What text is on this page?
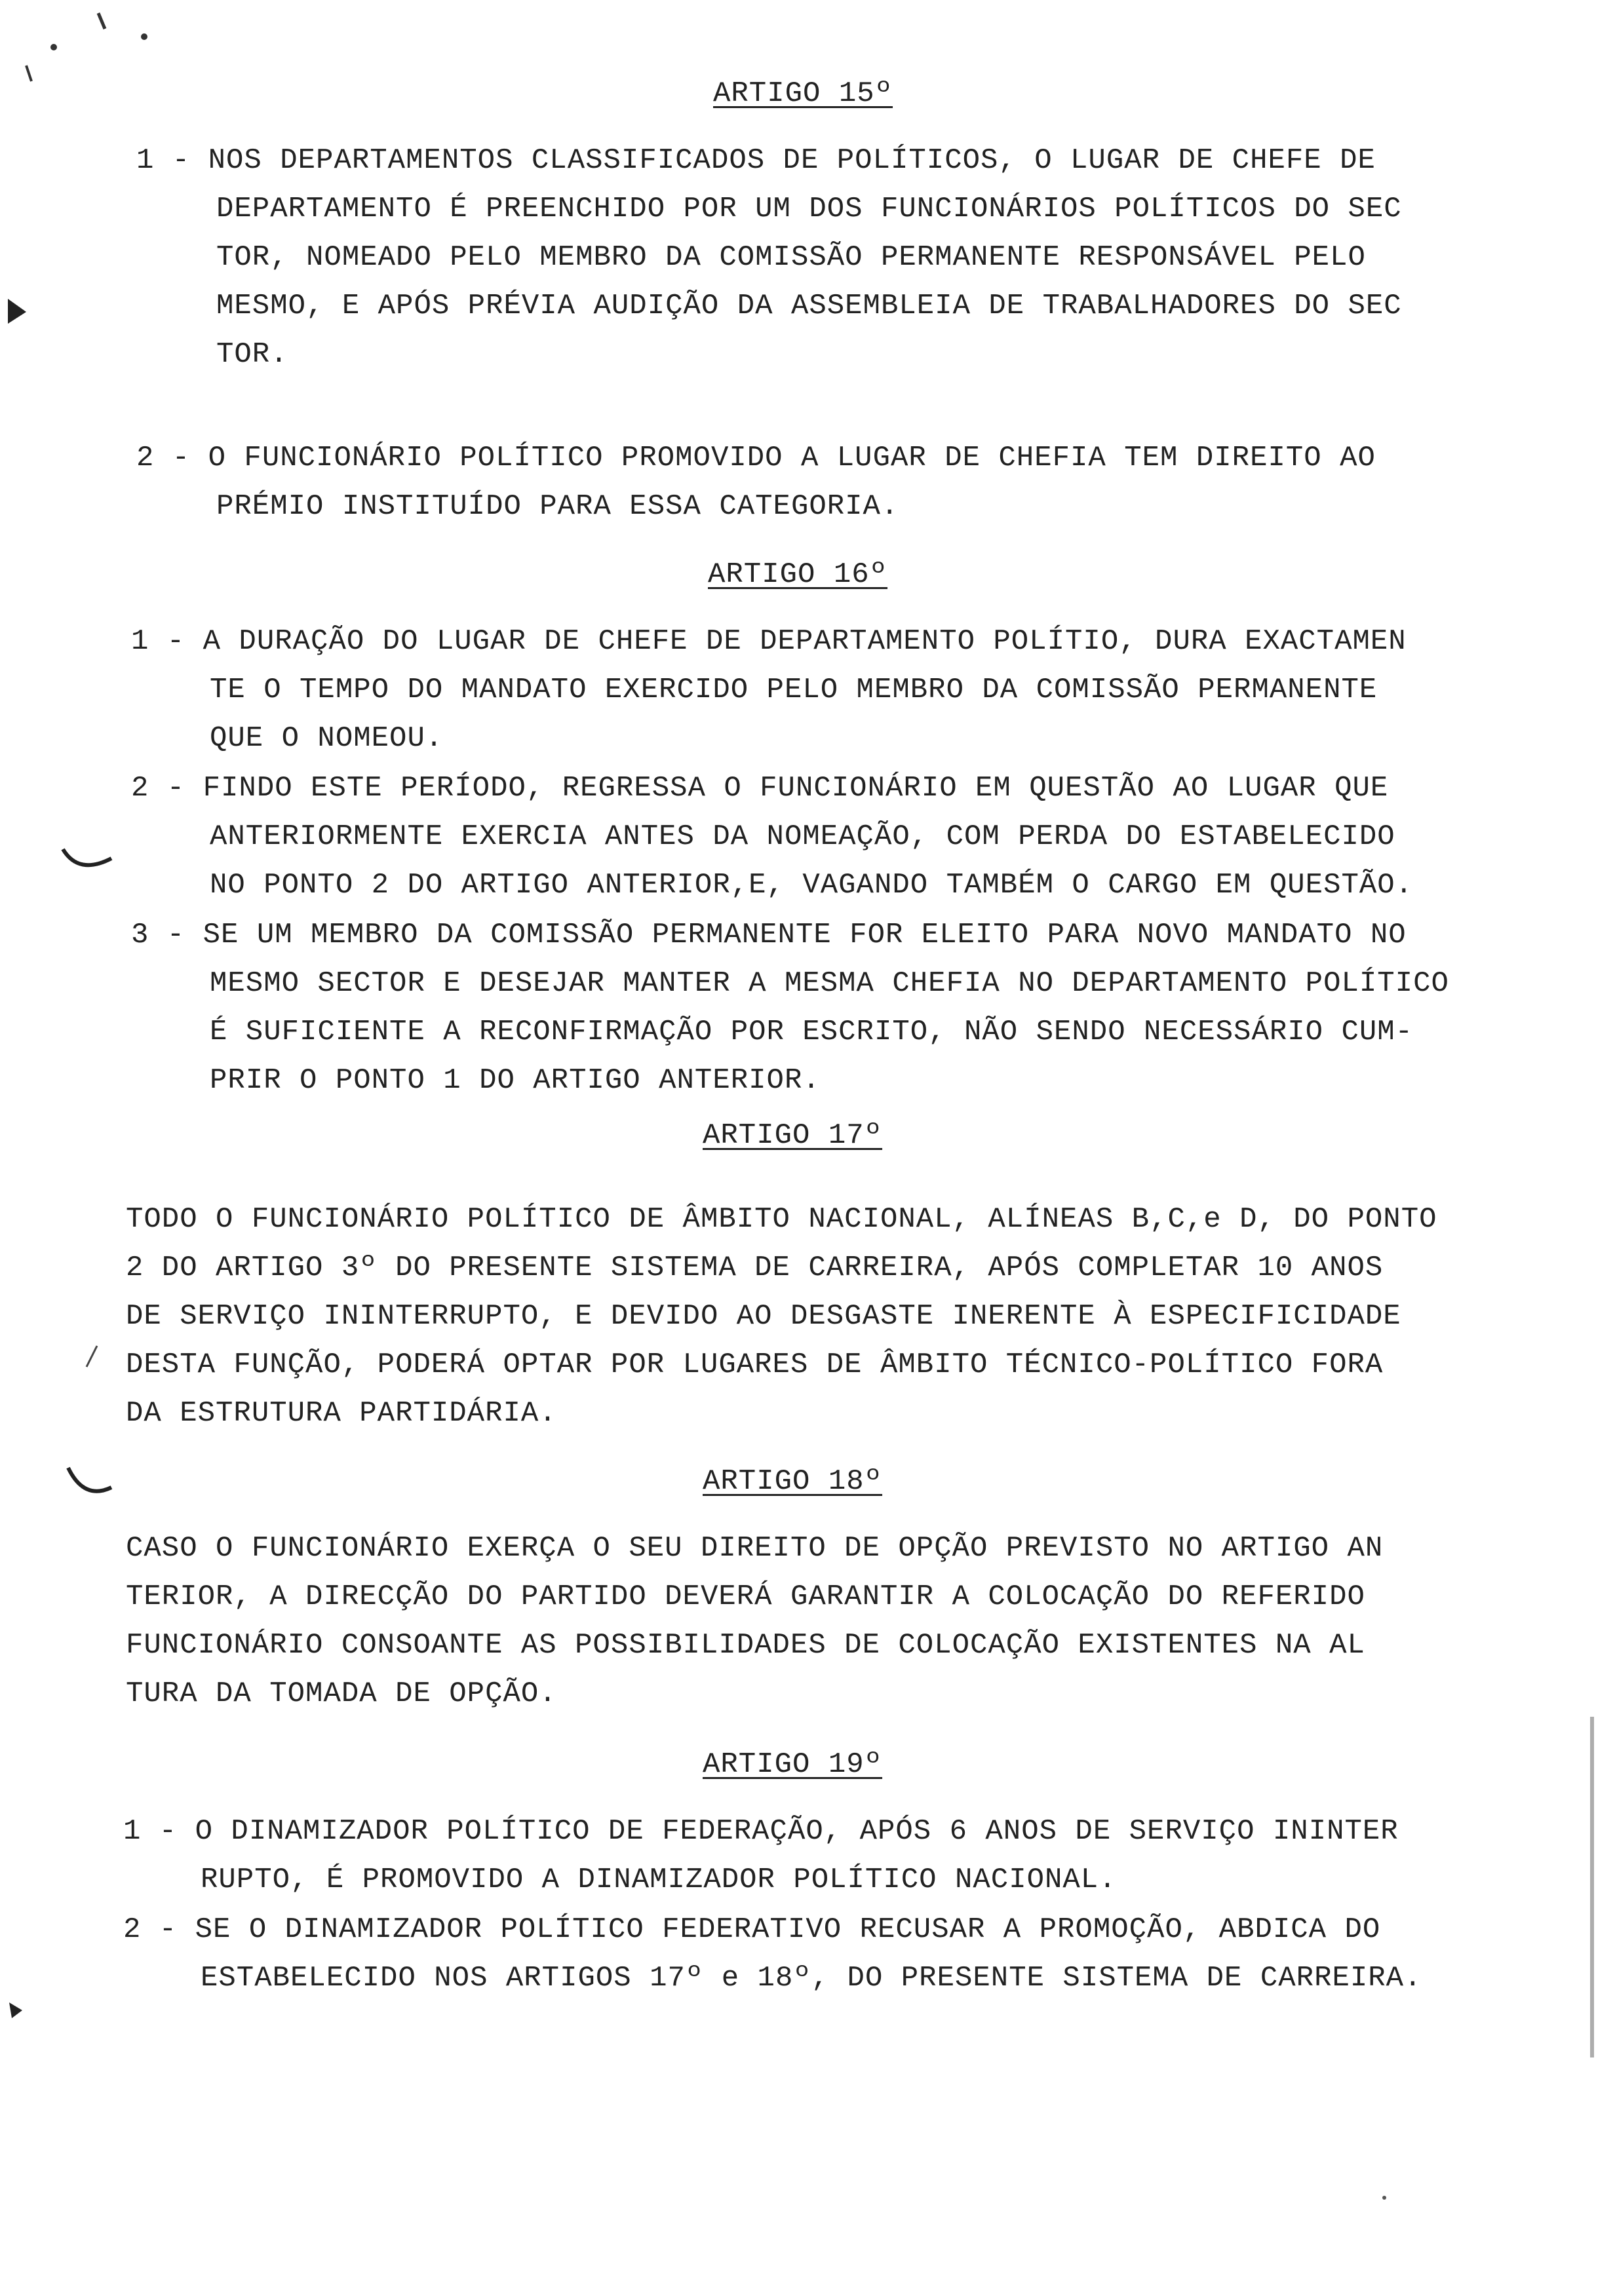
ARTIGO 15º
1 - NOS DEPARTAMENTOS CLASSIFICADOS DE POLÍTICOS, O LUGAR DE CHEFE DE
DEPARTAMENTO É PREENCHIDO POR UM DOS FUNCIONÁRIOS POLÍTICOS DO SEC
TOR, NOMEADO PELO MEMBRO DA COMISSÃO PERMANENTE RESPONSÁVEL PELO
MESMO, E APÓS PRÉVIA AUDIÇÃO DA ASSEMBLEIA DE TRABALHADORES DO SEC
TOR.
2 - O FUNCIONÁRIO POLÍTICO PROMOVIDO A LUGAR DE CHEFIA TEM DIREITO AO
PRÉMIO INSTITUÍDO PARA ESSA CATEGORIA.
ARTIGO 16º
1 - A DURAÇÃO DO LUGAR DE CHEFE DE DEPARTAMENTO POLÍTIO, DURA EXACTAMEN
TE O TEMPO DO MANDATO EXERCIDO PELO MEMBRO DA COMISSÃO PERMANENTE
QUE O NOMEOU.
2 - FINDO ESTE PERÍODO, REGRESSA O FUNCIONÁRIO EM QUESTÃO AO LUGAR QUE
ANTERIORMENTE EXERCIA ANTES DA NOMEAÇÃO, COM PERDA DO ESTABELECIDO
NO PONTO 2 DO ARTIGO ANTERIOR,E, VAGANDO TAMBÉM O CARGO EM QUESTÃO.
3 - SE UM MEMBRO DA COMISSÃO PERMANENTE FOR ELEITO PARA NOVO MANDATO NO
MESMO SECTOR E DESEJAR MANTER A MESMA CHEFIA NO DEPARTAMENTO POLÍTICO
É SUFICIENTE A RECONFIRMAÇÃO POR ESCRITO, NÃO SENDO NECESSÁRIO CUM-
PRIR O PONTO 1 DO ARTIGO ANTERIOR.
ARTIGO 17º
TODO O FUNCIONÁRIO POLÍTICO DE ÂMBITO NACIONAL, ALÍNEAS B,C,e D, DO PONTO
2 DO ARTIGO 3º DO PRESENTE SISTEMA DE CARREIRA, APÓS COMPLETAR 10 ANOS
DE SERVIÇO ININTERRUPTO, E DEVIDO AO DESGASTE INERENTE À ESPECIFICIDADE
DESTA FUNÇÃO, PODERÁ OPTAR POR LUGARES DE ÂMBITO TÉCNICO-POLÍTICO FORA
DA ESTRUTURA PARTIDÁRIA.
ARTIGO 18º
CASO O FUNCIONÁRIO EXERÇA O SEU DIREITO DE OPÇÃO PREVISTO NO ARTIGO AN
TERIOR, A DIRECÇÃO DO PARTIDO DEVERÁ GARANTIR A COLOCAÇÃO DO REFERIDO
FUNCIONÁRIO CONSOANTE AS POSSIBILIDADES DE COLOCAÇÃO EXISTENTES NA AL
TURA DA TOMADA DE OPÇÃO.
ARTIGO 19º
1 - O DINAMIZADOR POLÍTICO DE FEDERAÇÃO, APÓS 6 ANOS DE SERVIÇO ININTER
RUPTO, É PROMOVIDO A DINAMIZADOR POLÍTICO NACIONAL.
2 - SE O DINAMIZADOR POLÍTICO FEDERATIVO RECUSAR A PROMOÇÃO, ABDICA DO
ESTABELECIDO NOS ARTIGOS 17º e 18º, DO PRESENTE SISTEMA DE CARREIRA.
